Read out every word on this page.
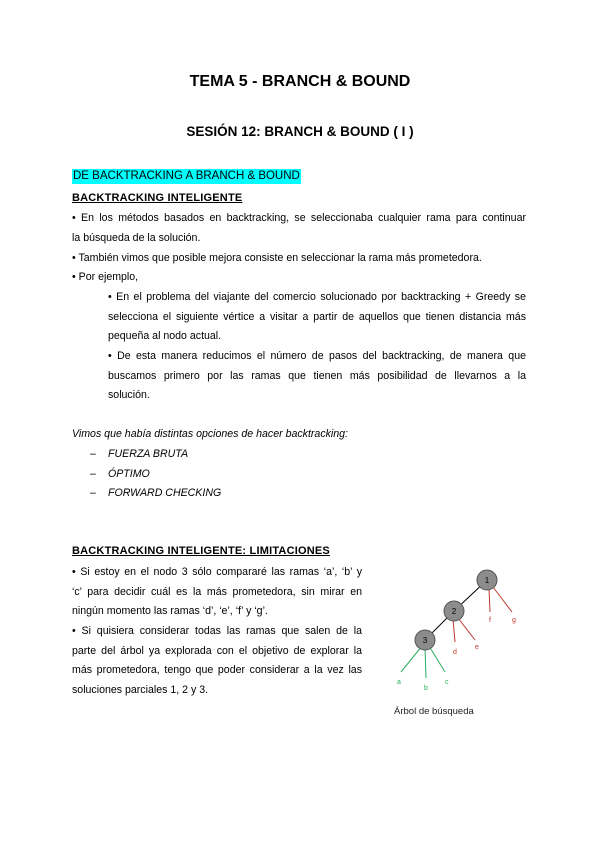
TEMA 5 - BRANCH & BOUND
SESIÓN 12: BRANCH & BOUND ( I )
DE BACKTRACKING A BRANCH & BOUND
BACKTRACKING INTELIGENTE
• En los métodos basados en backtracking, se seleccionaba cualquier rama para continuar
la búsqueda de la solución.
• También vimos que posible mejora consiste en seleccionar la rama más prometedora.
• Por ejemplo,
• En el problema del viajante del comercio solucionado por backtracking + Greedy se
selecciona el siguiente vértice a visitar a partir de aquellos que tienen distancia más
pequeña al nodo actual.
• De esta manera reducimos el número de pasos del backtracking, de manera que
buscamos primero por las ramas que tienen más posibilidad de llevarnos a la
solución.
Vimos que había distintas opciones de hacer backtracking:
– FUERZA BRUTA
– ÓPTIMO
– FORWARD CHECKING
BACKTRACKING INTELIGENTE: LIMITACIONES
• Si estoy en el nodo 3 sólo compararé las ramas ‘a’, ‘b’ y
‘c’ para decidir cuál es la más prometedora, sin mirar en
ningún momento las ramas ‘d’, ‘e’, ‘f’ y ‘g’.
• Si quisiera considerar todas las ramas que salen de la
parte del árbol ya explorada con el objetivo de explorar la
más prometedora, tengo que poder considerar a la vez las
soluciones parciales 1, 2 y 3.
1
2
3
a
b
c
d
e
f	g
Árbol de búsqueda
